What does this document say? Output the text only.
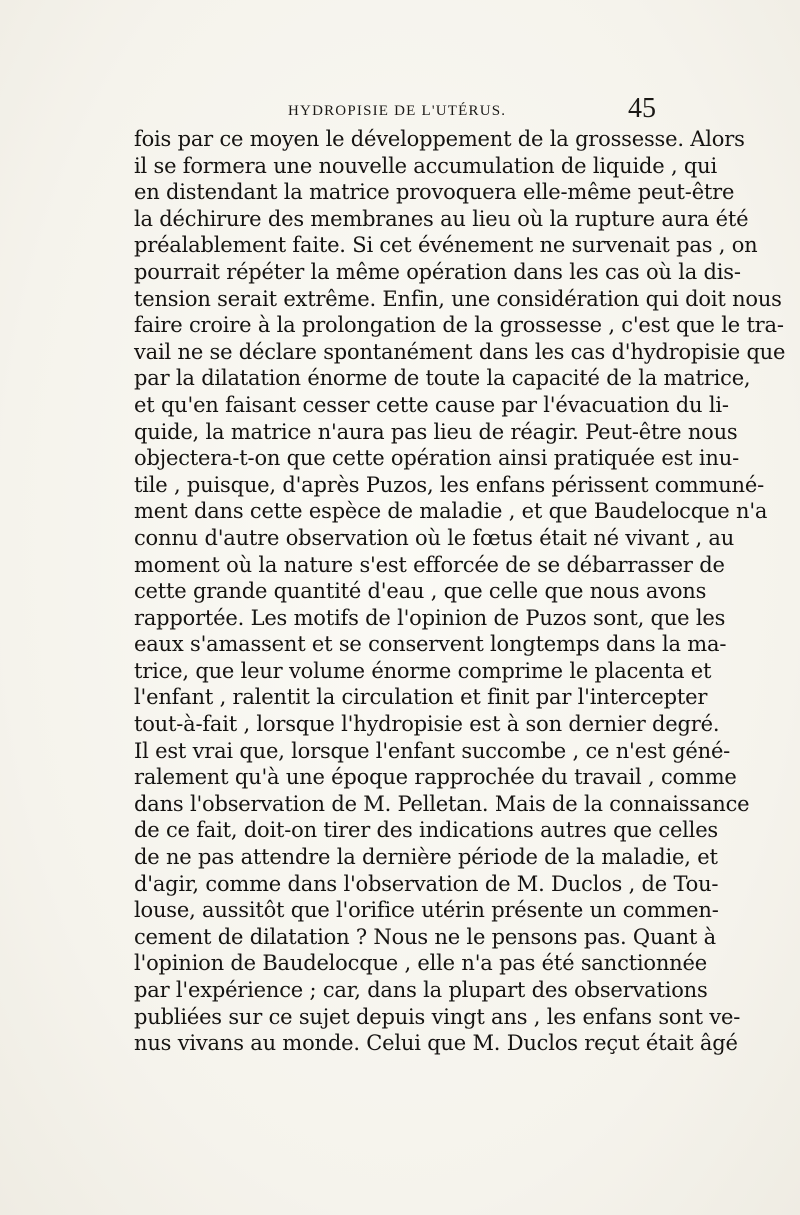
HYDROPISIE DE L'UTÉRUS.	45
fois par ce moyen le développement de la grossesse. Alors
il se formera une nouvelle accumulation de liquide , qui
en distendant la matrice provoquera elle-même peut-être
la déchirure des membranes au lieu où la rupture aura été
préalablement faite. Si cet événement ne survenait pas , on
pourrait répéter la même opération dans les cas où la dis-
tension serait extrême. Enfin, une considération qui doit nous
faire croire à la prolongation de la grossesse , c'est que le tra-
vail ne se déclare spontanément dans les cas d'hydropisie que
par la dilatation énorme de toute la capacité de la matrice,
et qu'en faisant cesser cette cause par l'évacuation du li-
quide, la matrice n'aura pas lieu de réagir. Peut-être nous
objectera-t-on que cette opération ainsi pratiquée est inu-
tile , puisque, d'après Puzos, les enfans périssent communé-
ment dans cette espèce de maladie , et que Baudelocque n'a
connu d'autre observation où le fœtus était né vivant , au
moment où la nature s'est efforcée de se débarrasser de
cette grande quantité d'eau , que celle que nous avons
rapportée. Les motifs de l'opinion de Puzos sont, que les
eaux s'amassent et se conservent longtemps dans la ma-
trice, que leur volume énorme comprime le placenta et
l'enfant , ralentit la circulation et finit par l'intercepter
tout-à-fait , lorsque l'hydropisie est à son dernier degré.
Il est vrai que, lorsque l'enfant succombe , ce n'est géné-
ralement qu'à une époque rapprochée du travail , comme
dans l'observation de M. Pelletan. Mais de la connaissance
de ce fait, doit-on tirer des indications autres que celles
de ne pas attendre la dernière période de la maladie, et
d'agir, comme dans l'observation de M. Duclos , de Tou-
louse, aussitôt que l'orifice utérin présente un commen-
cement de dilatation ? Nous ne le pensons pas. Quant à
l'opinion de Baudelocque , elle n'a pas été sanctionnée
par l'expérience ; car, dans la plupart des observations
publiées sur ce sujet depuis vingt ans , les enfans sont ve-
nus vivans au monde. Celui que M. Duclos reçut était âgé
